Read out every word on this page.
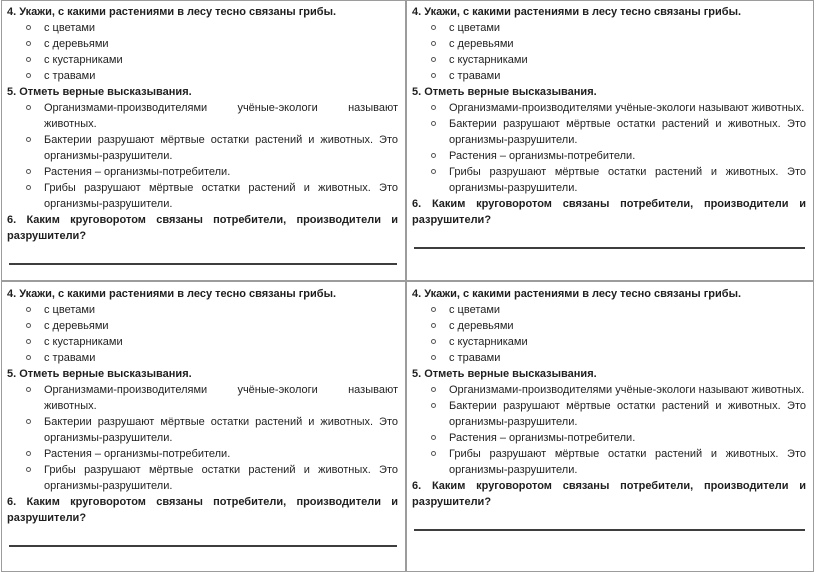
4. Укажи, с какими растениями в лесу тесно связаны грибы.
с цветами
с деревьями
с кустарниками
с травами
5. Отметь верные высказывания.
Организмами-производителями учёные-экологи называют животных.
Бактерии разрушают мёртвые остатки растений и животных. Это организмы-разрушители.
Растения – организмы-потребители.
Грибы разрушают мёртвые остатки растений и животных. Это организмы-разрушители.
6. Каким круговоротом связаны потребители, производители и разрушители?
4. Укажи, с какими растениями в лесу тесно связаны грибы.
с цветами
с деревьями
с кустарниками
с травами
5. Отметь верные высказывания.
Организмами-производителями учёные-экологи называют животных.
Бактерии разрушают мёртвые остатки растений и животных. Это организмы-разрушители.
Растения – организмы-потребители.
Грибы разрушают мёртвые остатки растений и животных. Это организмы-разрушители.
6. Каким круговоротом связаны потребители, производители и разрушители?
4. Укажи, с какими растениями в лесу тесно связаны грибы.
с цветами
с деревьями
с кустарниками
с травами
5. Отметь верные высказывания.
Организмами-производителями учёные-экологи называют животных.
Бактерии разрушают мёртвые остатки растений и животных. Это организмы-разрушители.
Растения – организмы-потребители.
Грибы разрушают мёртвые остатки растений и животных. Это организмы-разрушители.
6. Каким круговоротом связаны потребители, производители и разрушители?
4. Укажи, с какими растениями в лесу тесно связаны грибы.
с цветами
с деревьями
с кустарниками
с травами
5. Отметь верные высказывания.
Организмами-производителями учёные-экологи называют животных.
Бактерии разрушают мёртвые остатки растений и животных. Это организмы-разрушители.
Растения – организмы-потребители.
Грибы разрушают мёртвые остатки растений и животных. Это организмы-разрушители.
6. Каким круговоротом связаны потребители, производители и разрушители?
